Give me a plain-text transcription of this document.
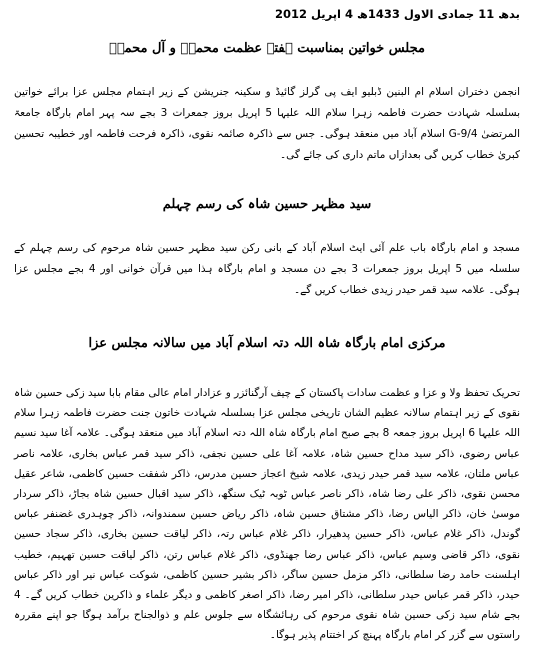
بدھ 11 جمادی الاول 1433ھ 4 اپریل 2012
مجلس خواتین بمناسبت ہفتہ عظمت محمدؐ و آل محمدؐ

انجمن دختران اسلام ام البنین ڈبلیو ایف پی گرلز گائیڈ و سکینہ جنریشن کے زیر اہتمام مجلس عزا برائے خواتین بسلسلہ شہادت حضرت فاطمہ زہرا سلام اللہ علیہا 5 اپریل بروز جمعرات 3 بجے سہ پہر امام بارگاہ جامعۃ المرتضیٰ G-9/4 اسلام آباد میں منعقد ہوگی۔ جس سے ذاکرہ صائمہ نقوی، ذاکرہ فرحت فاطمہ اور خطیبہ تحسین کبریٰ خطاب کریں گی بعدازاں ماتم داری کی جائے گی۔

سید مظہر حسین شاہ کی رسم چہلم

مسجد و امام بارگاہ باب علم آئی ایٹ اسلام آباد کے بانی رکن سید مظہر حسین شاہ مرحوم کی رسم چہلم کے سلسلہ میں 5 اپریل بروز جمعرات 3 بجے دن مسجد و امام بارگاہ ہذا میں قرآن خوانی اور 4 بجے مجلس عزا ہوگی۔ علامہ سید قمر حیدر زیدی خطاب کریں گے۔

مرکزی امام بارگاہ شاہ اللہ دتہ اسلام آباد میں سالانہ مجلس عزا

تحریک تحفظ ولا و عزا و عظمت سادات پاکستان کے چیف آرگنائزر و عزادار امام عالی مقام بابا سید زکی حسین شاہ نقوی کے زیر اہتمام سالانہ عظیم الشان تاریخی مجلس عزا بسلسلہ شہادت خاتون جنت حضرت فاطمہ زہرا سلام اللہ علیہا 6 اپریل بروز جمعہ 8 بجے صبح امام بارگاہ شاہ اللہ دتہ اسلام آباد میں منعقد ہوگی۔ علامہ آغا سید نسیم عباس رضوی، ذاکر سید مداح حسین شاہ، علامہ آغا علی حسین نجفی، ذاکر سید قمر عباس بخاری، علامہ ناصر عباس ملتان، علامہ سید قمر حیدر زیدی، علامہ شیخ اعجاز حسین مدرس، ذاکر شفقت حسین کاظمی، شاعر عقیل محسن نقوی، ذاکر علی رضا شاہ، ذاکر ناصر عباس ٹوبہ ٹیک سنگھ، ذاکر سید اقبال حسین شاہ بجاڑ، ذاکر سردار موسیٰ خان، ذاکر الیاس رضا، ذاکر مشتاق حسین شاہ، ذاکر ریاض حسین سمندوانہ، ذاکر چوہدری غضنفر عباس گوندل، ذاکر غلام عباس، ذاکر حسین پدھیرار، ذاکر غلام عباس رتہ، ذاکر لیاقت حسین بخاری، ذاکر سجاد حسین نقوی، ذاکر قاضی وسیم عباس، ذاکر عباس رضا جھنڈوی، ذاکر غلام عباس رتن، ذاکر لیاقت حسین تھہیم، خطیب اہلسنت حامد رضا سلطانی، ذاکر مزمل حسین ساگر، ذاکر بشیر حسین کاظمی، شوکت عباس نیر اور ذاکر عباس حیدر، ذاکر قمر عباس حیدر سلطانی، ذاکر امیر رضا، ذاکر اصغر کاظمی و دیگر علماء و ذاکرین خطاب کریں گے۔ 4 بجے شام سید زکی حسین شاہ نقوی مرحوم کی رہائشگاہ سے جلوس علم و ذوالجناح برآمد ہوگا جو اپنے مقررہ راستوں سے گزر کر امام بارگاہ پہنچ کر اختتام پذیر ہوگا۔
